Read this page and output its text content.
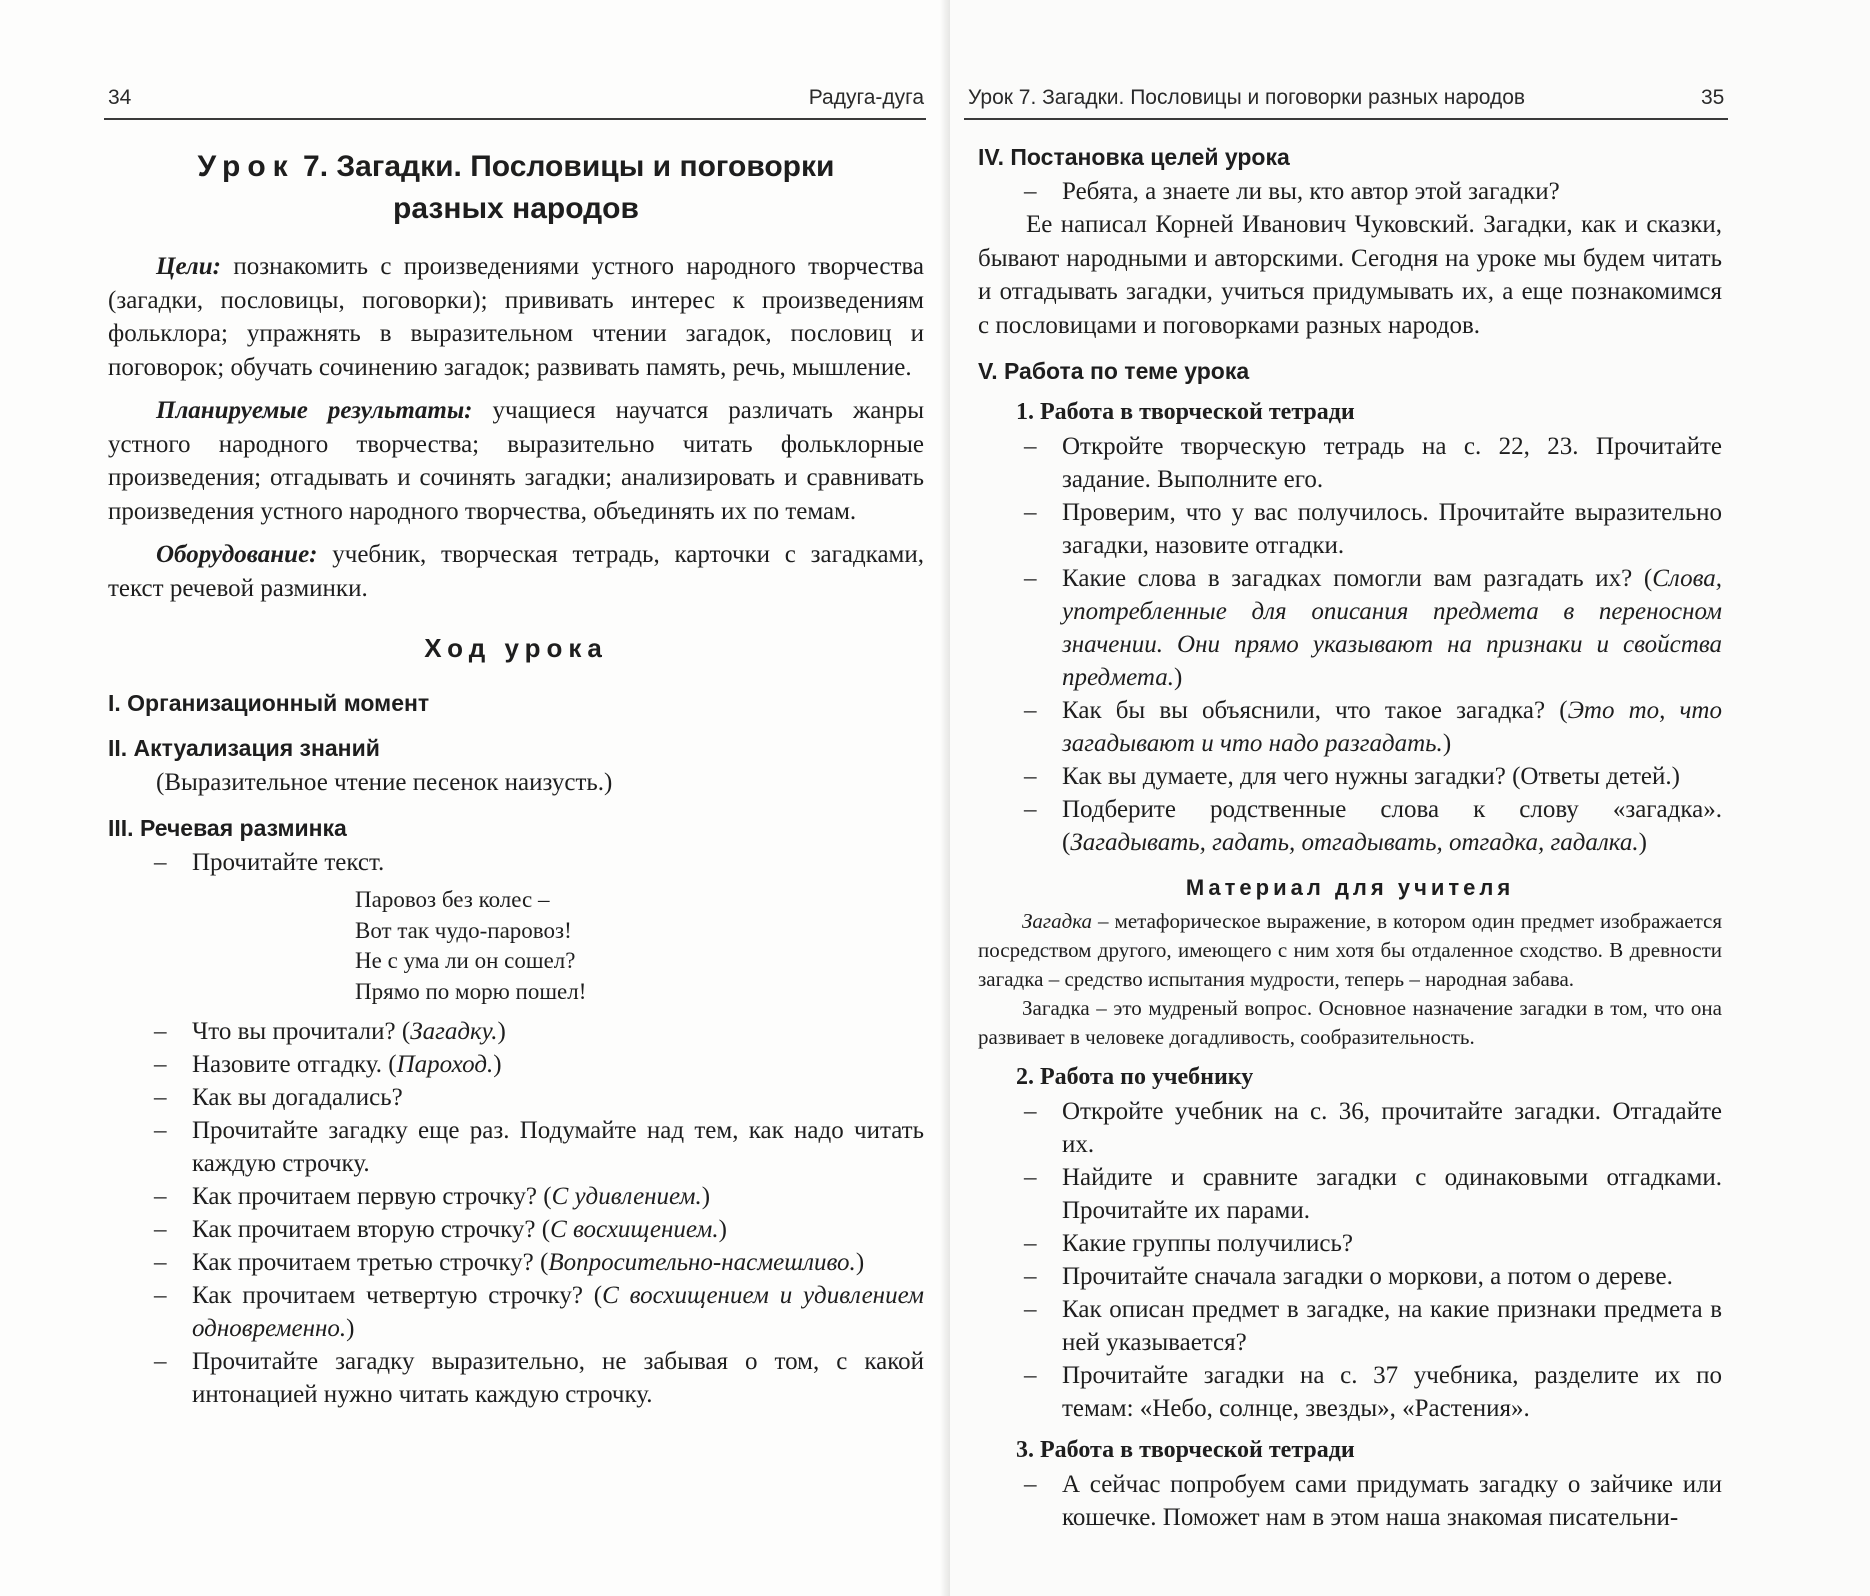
34	Радуга-дуга
Урок 7. Загадки. Пословицы и поговорки
разных народов

Цели: познакомить с произведениями устного народного творчества (загадки, пословицы, поговорки); прививать интерес к произведениям фольклора; упражнять в выразительном чтении загадок, пословиц и поговорок; обучать сочинению загадок; развивать память, речь, мышление.

Планируемые результаты: учащиеся научатся различать жанры устного народного творчества; выразительно читать фольклорные произведения; отгадывать и сочинять загадки; анализировать и сравнивать произведения устного народного творчества, объединять их по темам.

Оборудование: учебник, творческая тетрадь, карточки с загадками, текст речевой разминки.

Ход урока
I. Организационный момент
II. Актуализация знаний
(Выразительное чтение песенок наизусть.)
III. Речевая разминка
– Прочитайте текст.
Паровоз без колес –
Вот так чудо-паровоз!
Не с ума ли он сошел?
Прямо по морю пошел!
– Что вы прочитали? (Загадку.)
– Назовите отгадку. (Пароход.)
– Как вы догадались?
– Прочитайте загадку еще раз. Подумайте над тем, как надо читать каждую строчку.
– Как прочитаем первую строчку? (С удивлением.)
– Как прочитаем вторую строчку? (С восхищением.)
– Как прочитаем третью строчку? (Вопросительно-насмешливо.)
– Как прочитаем четвертую строчку? (С восхищением и удивлением одновременно.)
– Прочитайте загадку выразительно, не забывая о том, с какой интонацией нужно читать каждую строчку.
Урок 7. Загадки. Пословицы и поговорки разных народов	35
IV. Постановка целей урока
– Ребята, а знаете ли вы, кто автор этой загадки?

Ее написал Корней Иванович Чуковский. Загадки, как и сказки, бывают народными и авторскими. Сегодня на уроке мы будем читать и отгадывать загадки, учиться придумывать их, а еще познакомимся с пословицами и поговорками разных народов.

V. Работа по теме урока
1. Работа в творческой тетради
– Откройте творческую тетрадь на с. 22, 23. Прочитайте задание. Выполните его.
– Проверим, что у вас получилось. Прочитайте выразительно загадки, назовите отгадки.
– Какие слова в загадках помогли вам разгадать их? (Слова, употребленные для описания предмета в переносном значении. Они прямо указывают на признаки и свойства предмета.)
– Как бы вы объяснили, что такое загадка? (Это то, что загадывают и что надо разгадать.)
– Как вы думаете, для чего нужны загадки? (Ответы детей.)
– Подберите родственные слова к слову «загадка». (Загадывать, гадать, отгадывать, отгадка, гадалка.)
Материал для учителя

Загадка – метафорическое выражение, в котором один предмет изображается посредством другого, имеющего с ним хотя бы отдаленное сходство. В древности загадка – средство испытания мудрости, теперь – народная забава.

Загадка – это мудреный вопрос. Основное назначение загадки в том, что она развивает в человеке догадливость, сообразительность.

2. Работа по учебнику
– Откройте учебник на с. 36, прочитайте загадки. Отгадайте их.
– Найдите и сравните загадки с одинаковыми отгадками. Прочитайте их парами.
– Какие группы получились?
– Прочитайте сначала загадки о моркови, а потом о дереве.
– Как описан предмет в загадке, на какие признаки предмета в ней указывается?
– Прочитайте загадки на с. 37 учебника, разделите их по темам: «Небо, солнце, звезды», «Растения».
3. Работа в творческой тетради
– А сейчас попробуем сами придумать загадку о зайчике или кошечке. Поможет нам в этом наша знакомая писательни-
